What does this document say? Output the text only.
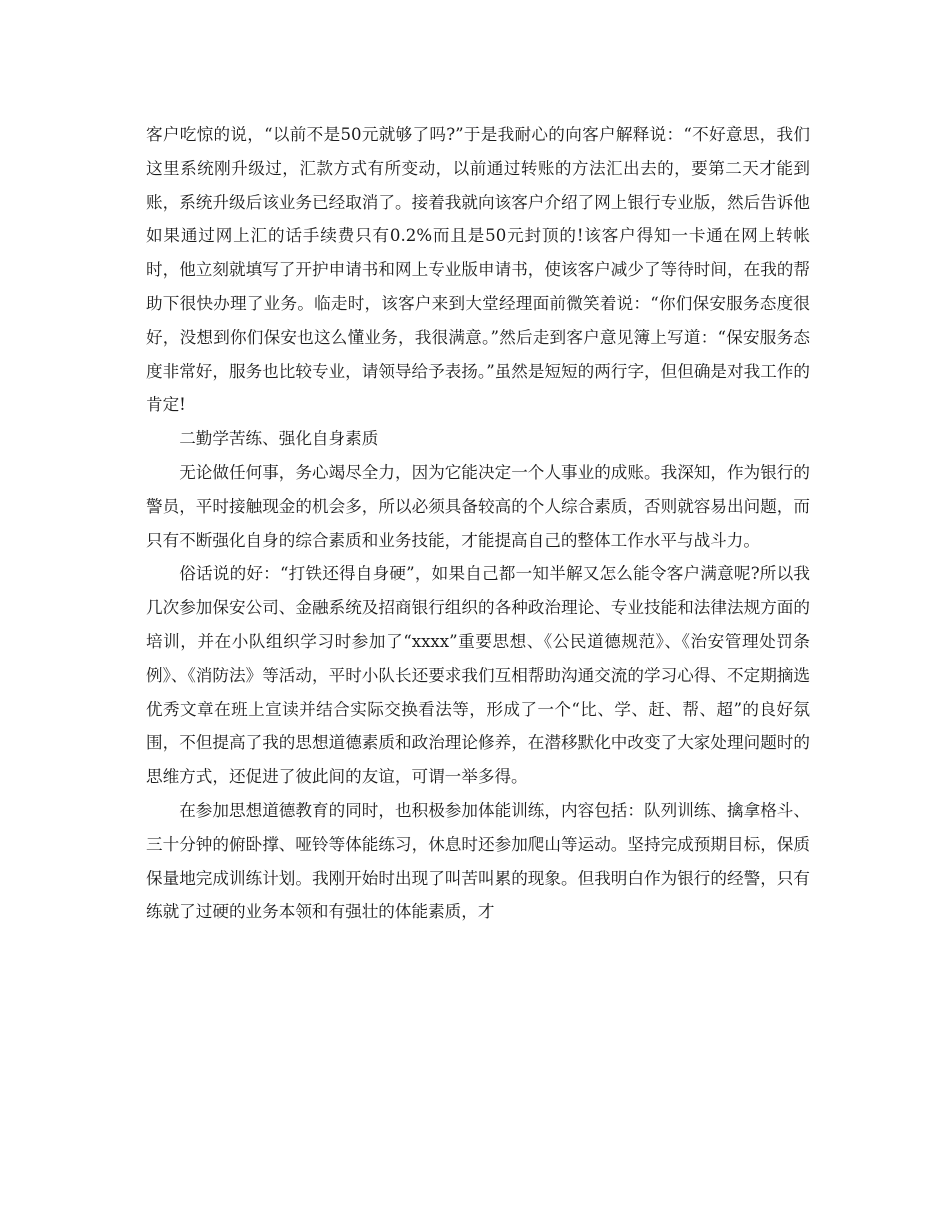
客户吃惊的说，“以前不是50元就够了吗?”于是我耐心的向客户解释说：“不好意思，我们这里系统刚升级过，汇款方式有所变动，以前通过转账的方法汇出去的，要第二天才能到账，系统升级后该业务已经取消了。接着我就向该客户介绍了网上银行专业版，然后告诉他如果通过网上汇的话手续费只有0.2%而且是50元封顶的!该客户得知一卡通在网上转帐时，他立刻就填写了开护申请书和网上专业版申请书，使该客户减少了等待时间，在我的帮助下很快办理了业务。临走时，该客户来到大堂经理面前微笑着说：“你们保安服务态度很好，没想到你们保安也这么懂业务，我很满意。”然后走到客户意见簿上写道：“保安服务态度非常好，服务也比较专业，请领导给予表扬。”虽然是短短的两行字，但但确是对我工作的肯定!

二勤学苦练、强化自身素质

无论做任何事，务心竭尽全力，因为它能决定一个人事业的成账。我深知，作为银行的警员，平时接触现金的机会多，所以必须具备较高的个人综合素质，否则就容易出问题，而只有不断强化自身的综合素质和业务技能，才能提高自己的整体工作水平与战斗力。

俗话说的好：“打铁还得自身硬”，如果自己都一知半解又怎么能令客户满意呢?所以我几次参加保安公司、金融系统及招商银行组织的各种政治理论、专业技能和法律法规方面的培训，并在小队组织学习时参加了“xxxx”重要思想、《公民道德规范》、《治安管理处罚条例》、《消防法》等活动，平时小队长还要求我们互相帮助沟通交流的学习心得、不定期摘选优秀文章在班上宣读并结合实际交换看法等，形成了一个“比、学、赶、帮、超”的良好氛围，不但提高了我的思想道德素质和政治理论修养，在潜移默化中改变了大家处理问题时的思维方式，还促进了彼此间的友谊，可谓一举多得。

在参加思想道德教育的同时，也积极参加体能训练，内容包括：队列训练、擒拿格斗、三十分钟的俯卧撑、哑铃等体能练习，休息时还参加爬山等运动。坚持完成预期目标，保质保量地完成训练计划。我刚开始时出现了叫苦叫累的现象。但我明白作为银行的经警，只有练就了过硬的业务本领和有强壮的体能素质，才
